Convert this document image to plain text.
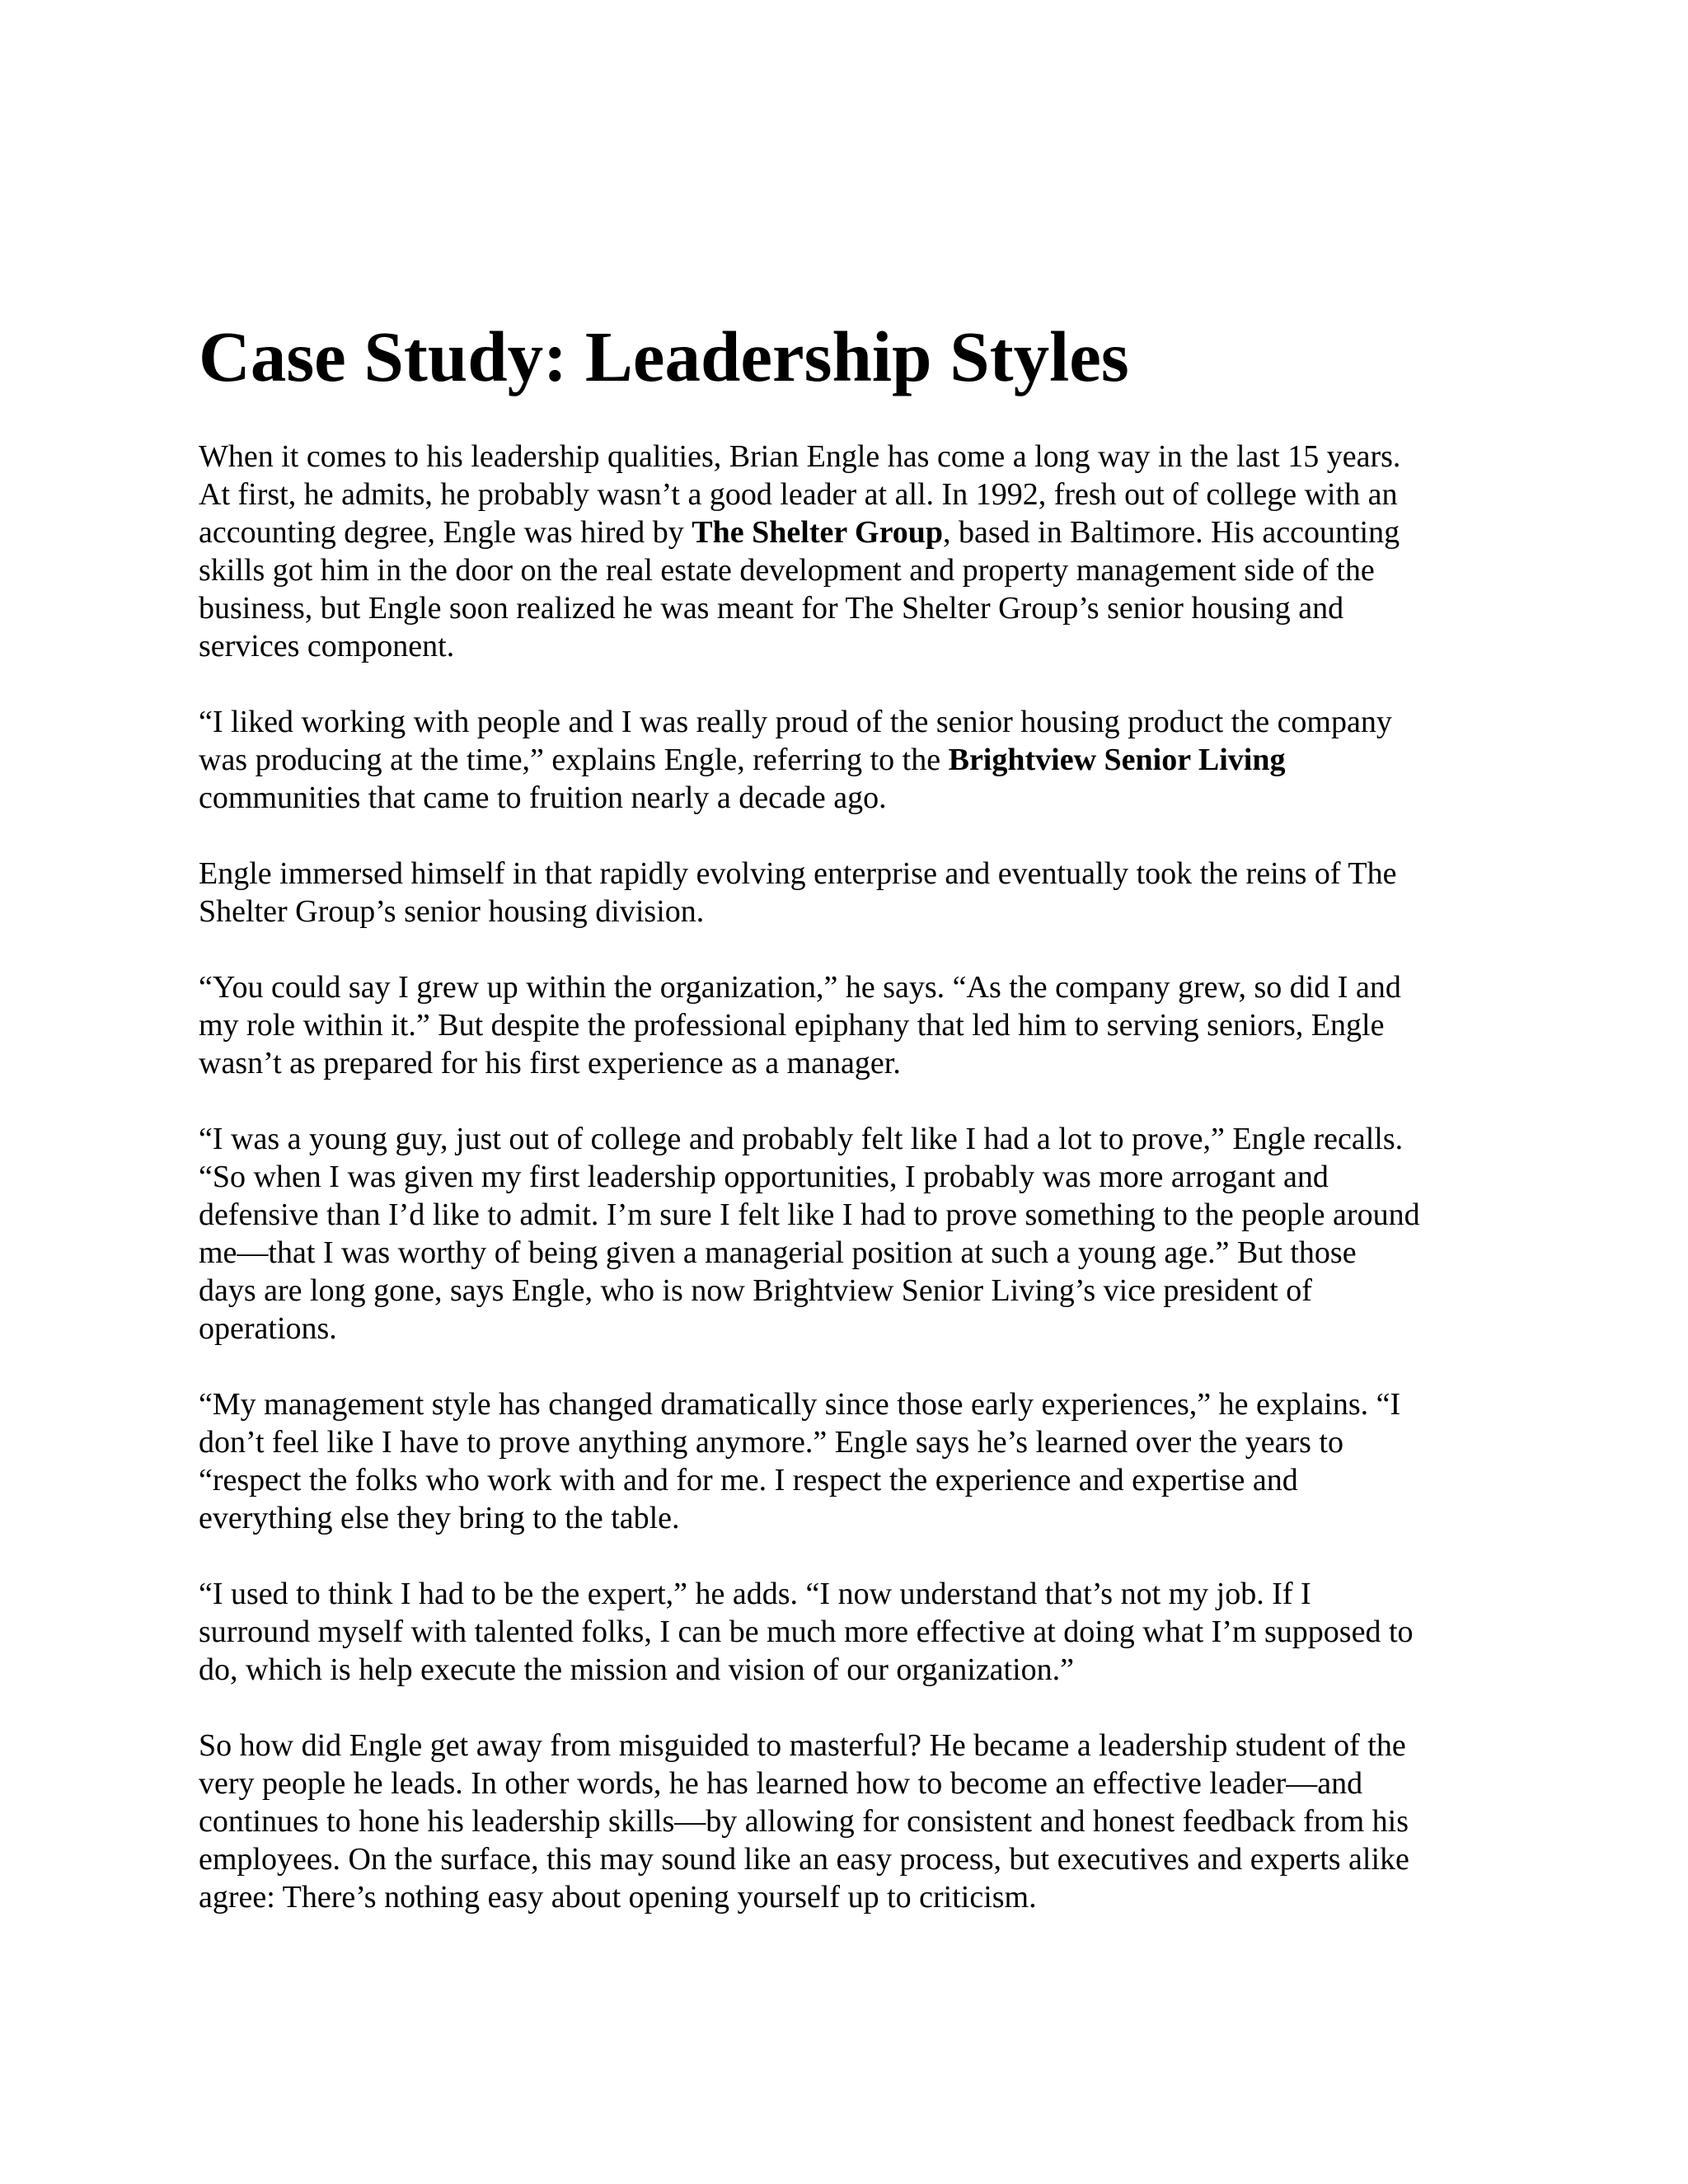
Case Study: Leadership Styles

When it comes to his leadership qualities, Brian Engle has come a long way in the last 15 years.
At first, he admits, he probably wasn’t a good leader at all. In 1992, fresh out of college with an
accounting degree, Engle was hired by The Shelter Group, based in Baltimore. His accounting
skills got him in the door on the real estate development and property management side of the
business, but Engle soon realized he was meant for The Shelter Group’s senior housing and
services component.

“I liked working with people and I was really proud of the senior housing product the company
was producing at the time,” explains Engle, referring to the Brightview Senior Living
communities that came to fruition nearly a decade ago.

Engle immersed himself in that rapidly evolving enterprise and eventually took the reins of The
Shelter Group’s senior housing division.

“You could say I grew up within the organization,” he says. “As the company grew, so did I and
my role within it.” But despite the professional epiphany that led him to serving seniors, Engle
wasn’t as prepared for his first experience as a manager.

“I was a young guy, just out of college and probably felt like I had a lot to prove,” Engle recalls.
“So when I was given my first leadership opportunities, I probably was more arrogant and
defensive than I’d like to admit. I’m sure I felt like I had to prove something to the people around
me—that I was worthy of being given a managerial position at such a young age.” But those
days are long gone, says Engle, who is now Brightview Senior Living’s vice president of
operations.

“My management style has changed dramatically since those early experiences,” he explains. “I
don’t feel like I have to prove anything anymore.” Engle says he’s learned over the years to
“respect the folks who work with and for me. I respect the experience and expertise and
everything else they bring to the table.

“I used to think I had to be the expert,” he adds. “I now understand that’s not my job. If I
surround myself with talented folks, I can be much more effective at doing what I’m supposed to
do, which is help execute the mission and vision of our organization.”

So how did Engle get away from misguided to masterful? He became a leadership student of the
very people he leads. In other words, he has learned how to become an effective leader—and
continues to hone his leadership skills—by allowing for consistent and honest feedback from his
employees. On the surface, this may sound like an easy process, but executives and experts alike
agree: There’s nothing easy about opening yourself up to criticism.
